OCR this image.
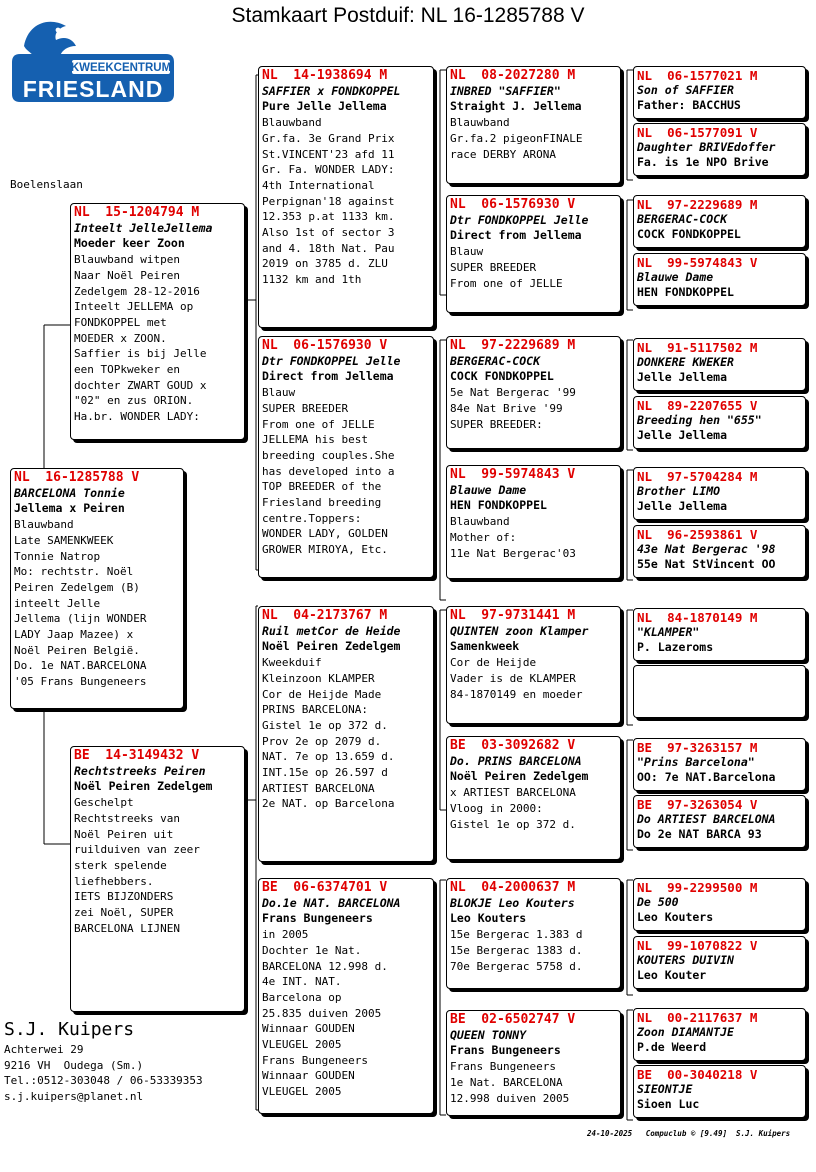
Stamkaart Postduif: NL 16-1285788 V
KWEEKCENTRUM
FRIESLAND
Boelenslaan
NL  16-1285788 V
BARCELONA Tonnie
Jellema x Peiren
Blauwband
Late SAMENKWEEK
Tonnie Natrop
Mo: rechtstr. Noël
Peiren Zedelgem (B)
inteelt Jelle
Jellema (lijn WONDER
LADY Jaap Mazee) x
Noël Peiren België.
Do. 1e NAT.BARCELONA
'05 Frans Bungeneers
NL  15-1204794 M
Inteelt JelleJellema
Moeder keer Zoon
Blauwband witpen
Naar Noël Peiren
Zedelgem 28-12-2016
Inteelt JELLEMA op
FONDKOPPEL met
MOEDER x ZOON.
Saffier is bij Jelle
een TOPkweker en
dochter ZWART GOUD x
"02" en zus ORION.
Ha.br. WONDER LADY:
BE  14-3149432 V
Rechtstreeks Peiren
Noël Peiren Zedelgem
Geschelpt
Rechtstreeks van
Noël Peiren uit
ruilduiven van zeer
sterk spelende
liefhebbers.
IETS BIJZONDERS
zei Noël, SUPER
BARCELONA LIJNEN
NL  14-1938694 M
SAFFIER x FONDKOPPEL
Pure Jelle Jellema
Blauwband
Gr.fa. 3e Grand Prix
St.VINCENT'23 afd 11
Gr. Fa. WONDER LADY:
4th International
Perpignan'18 against
12.353 p.at 1133 km.
Also 1st of sector 3
and 4. 18th Nat. Pau
2019 on 3785 d. ZLU
1132 km and 1th
NL  06-1576930 V
Dtr FONDKOPPEL Jelle
Direct from Jellema
Blauw
SUPER BREEDER
From one of JELLE
JELLEMA his best
breeding couples.She
has developed into a
TOP BREEDER of the
Friesland breeding
centre.Toppers:
WONDER LADY, GOLDEN
GROWER MIROYA, Etc.
NL  04-2173767 M
Ruil metCor de Heide
Noël Peiren Zedelgem
Kweekduif
Kleinzoon KLAMPER
Cor de Heijde Made
PRINS BARCELONA:
Gistel 1e op 372 d.
Prov 2e op 2079 d.
NAT. 7e op 13.659 d.
INT.15e op 26.597 d
ARTIEST BARCELONA
2e NAT. op Barcelona
BE  06-6374701 V
Do.1e NAT. BARCELONA
Frans Bungeneers
in 2005
Dochter 1e Nat.
BARCELONA 12.998 d.
4e INT. NAT.
Barcelona op
25.835 duiven 2005
Winnaar GOUDEN
VLEUGEL 2005
Frans Bungeneers
Winnaar GOUDEN
VLEUGEL 2005
NL  08-2027280 M
INBRED "SAFFIER"
Straight J. Jellema
Blauwband
Gr.fa.2 pigeonFINALE
race DERBY ARONA
NL  06-1576930 V
Dtr FONDKOPPEL Jelle
Direct from Jellema
Blauw
SUPER BREEDER
From one of JELLE
NL  97-2229689 M
BERGERAC-COCK
COCK FONDKOPPEL
5e Nat Bergerac '99
84e Nat Brive '99
SUPER BREEDER:
NL  99-5974843 V
Blauwe Dame
HEN FONDKOPPEL
Blauwband
Mother of:
11e Nat Bergerac'03
NL  97-9731441 M
QUINTEN zoon Klamper
Samenkweek
Cor de Heijde
Vader is de KLAMPER
84-1870149 en moeder
BE  03-3092682 V
Do. PRINS BARCELONA
Noël Peiren Zedelgem
x ARTIEST BARCELONA
Vloog in 2000:
Gistel 1e op 372 d.
NL  04-2000637 M
BLOKJE Leo Kouters
Leo Kouters
15e Bergerac 1.383 d
15e Bergerac 1383 d.
70e Bergerac 5758 d.
BE  02-6502747 V
QUEEN TONNY
Frans Bungeneers
Frans Bungeneers
1e Nat. BARCELONA
12.998 duiven 2005
NL  06-1577021 M
Son of SAFFIER
Father: BACCHUS
NL  06-1577091 V
Daughter BRIVEdoffer
Fa. is 1e NPO Brive
NL  97-2229689 M
BERGERAC-COCK
COCK FONDKOPPEL
NL  99-5974843 V
Blauwe Dame
HEN FONDKOPPEL
NL  91-5117502 M
DONKERE KWEKER
Jelle Jellema
NL  89-2207655 V
Breeding hen "655"
Jelle Jellema
NL  97-5704284 M
Brother LIMO
Jelle Jellema
NL  96-2593861 V
43e Nat Bergerac '98
55e Nat StVincent OO
NL  84-1870149 M
"KLAMPER"
P. Lazeroms
BE  97-3263157 M
"Prins Barcelona"
OO: 7e NAT.Barcelona
BE  97-3263054 V
Do ARTIEST BARCELONA
Do 2e NAT BARCA 93
NL  99-2299500 M
De 500
Leo Kouters
NL  99-1070822 V
KOUTERS DUIVIN
Leo Kouter
NL  00-2117637 M
Zoon DIAMANTJE
P.de Weerd
BE  00-3040218 V
SIEONTJE
Sioen Luc
S.J. Kuipers
Achterwei 29
9216 VH  Oudega (Sm.)
Tel.:0512-303048 / 06-53339353
s.j.kuipers@planet.nl
24-10-2025   Compuclub © [9.49]  S.J. Kuipers
